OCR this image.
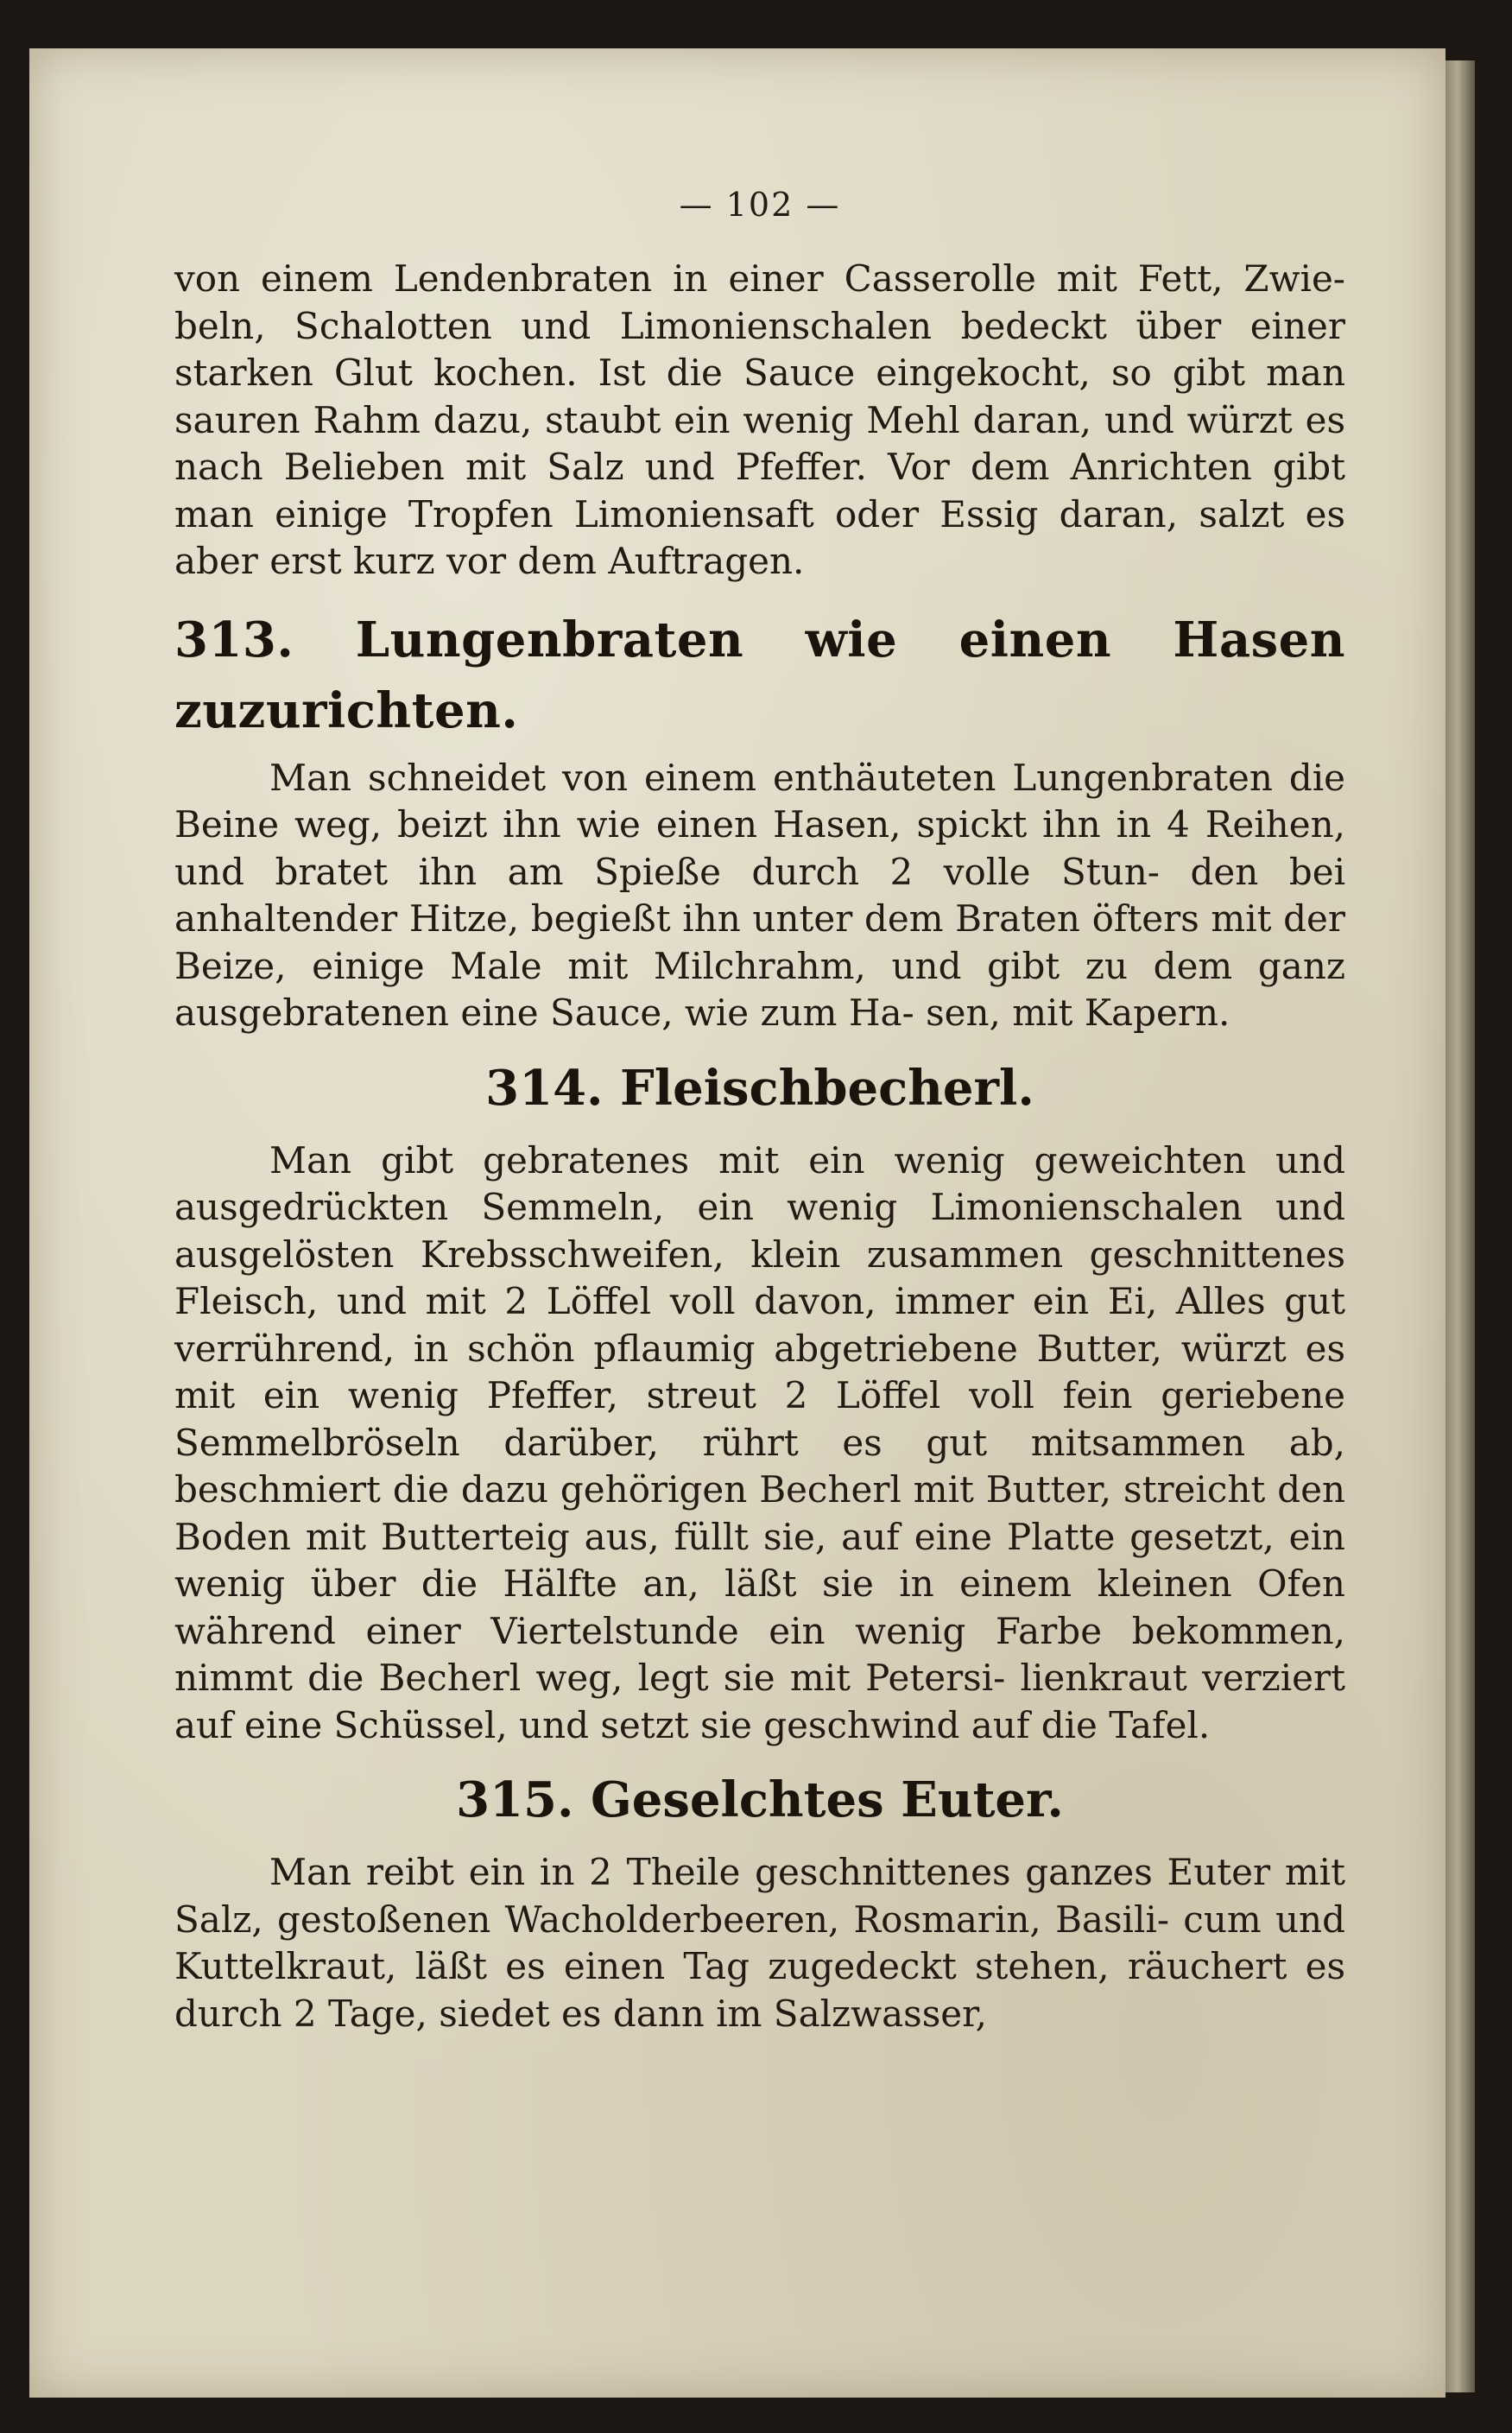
— 102 —

von einem Lendenbraten in einer Casserolle mit Fett, Zwie- beln, Schalotten und Limonienschalen bedeckt über einer starken Glut kochen. Ist die Sauce eingekocht, so gibt man sauren Rahm dazu, staubt ein wenig Mehl daran, und würzt es nach Belieben mit Salz und Pfeffer. Vor dem Anrichten gibt man einige Tropfen Limoniensaft oder Essig daran, salzt es aber erst kurz vor dem Auftragen.

313. Lungenbraten wie einen Hasen zuzurichten.

Man schneidet von einem enthäuteten Lungenbraten die Beine weg, beizt ihn wie einen Hasen, spickt ihn in 4 Reihen, und bratet ihn am Spieße durch 2 volle Stun- den bei anhaltender Hitze, begießt ihn unter dem Braten öfters mit der Beize, einige Male mit Milchrahm, und gibt zu dem ganz ausgebratenen eine Sauce, wie zum Ha- sen, mit Kapern.

314. Fleischbecherl.

Man gibt gebratenes mit ein wenig geweichten und ausgedrückten Semmeln, ein wenig Limonienschalen und ausgelösten Krebsschweifen, klein zusammen geschnittenes Fleisch, und mit 2 Löffel voll davon, immer ein Ei, Alles gut verrührend, in schön pflaumig abgetriebene Butter, würzt es mit ein wenig Pfeffer, streut 2 Löffel voll fein geriebene Semmelbröseln darüber, rührt es gut mitsammen ab, beschmiert die dazu gehörigen Becherl mit Butter, streicht den Boden mit Butterteig aus, füllt sie, auf eine Platte gesetzt, ein wenig über die Hälfte an, läßt sie in einem kleinen Ofen während einer Viertelstunde ein wenig Farbe bekommen, nimmt die Becherl weg, legt sie mit Petersi- lienkraut verziert auf eine Schüssel, und setzt sie geschwind auf die Tafel.

315. Geselchtes Euter.

Man reibt ein in 2 Theile geschnittenes ganzes Euter mit Salz, gestoßenen Wacholderbeeren, Rosmarin, Basili- cum und Kuttelkraut, läßt es einen Tag zugedeckt stehen, räuchert es durch 2 Tage, siedet es dann im Salzwasser,
